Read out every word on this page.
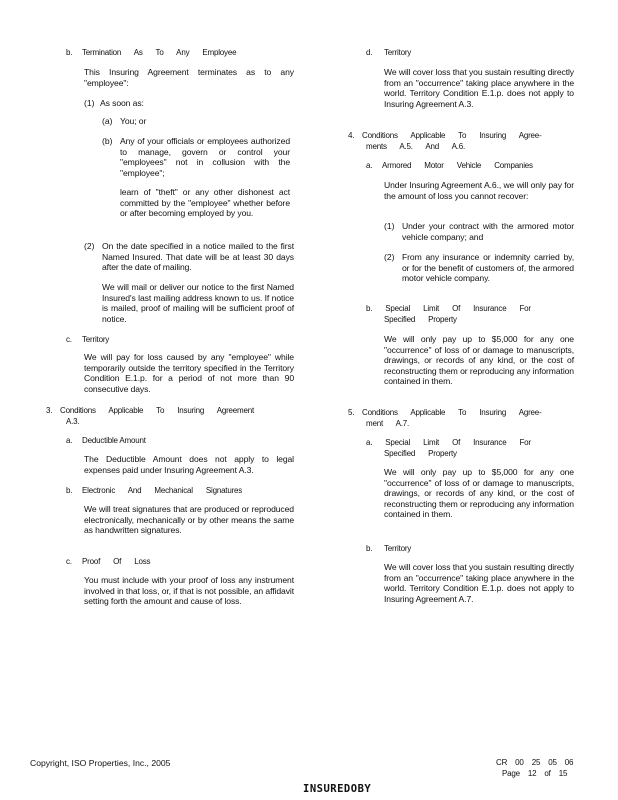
b. Termination As To Any Employee
This Insuring Agreement terminates as to any "employee":
(1) As soon as:
(a) You; or
(b) Any of your officials or employees authorized to manage, govern or control your "employees" not in collusion with the "employee";
learn of "theft" or any other dishonest act committed by the "employee" whether before or after becoming employed by you.
(2) On the date specified in a notice mailed to the first Named Insured. That date will be at least 30 days after the date of mailing.
We will mail or deliver our notice to the first Named Insured's last mailing address known to us. If notice is mailed, proof of mailing will be sufficient proof of notice.
c. Territory
We will pay for loss caused by any "employee" while temporarily outside the territory specified in the Territory Condition E.1.p. for a period of not more than 90 consecutive days.
3. Conditions Applicable To Insuring Agreement
A.3.
a. Deductible Amount
The Deductible Amount does not apply to legal expenses paid under Insuring Agreement A.3.
b. Electronic And Mechanical Signatures
We will treat signatures that are produced or reproduced electronically, mechanically or by other means the same as handwritten signatures.
c. Proof Of Loss
You must include with your proof of loss any instrument involved in that loss, or, if that is not possible, an affidavit setting forth the amount and cause of loss.
d. Territory
We will cover loss that you sustain resulting directly from an "occurrence" taking place anywhere in the world. Territory Condition E.1.p. does not apply to Insuring Agreement A.3.
4. Conditions Applicable To Insuring Agree-
ments A.5. And A.6.
a. Armored Motor Vehicle Companies
Under Insuring Agreement A.6., we will only pay for the amount of loss you cannot recover:
(1) Under your contract with the armored motor vehicle company; and
(2) From any insurance or indemnity carried by, or for the benefit of customers of, the armored motor vehicle company.
b. Special Limit Of Insurance For
Specified Property
We will only pay up to $5,000 for any one "occurrence" of loss of or damage to manuscripts, drawings, or records of any kind, or the cost of reconstructing them or reproducing any information contained in them.
5. Conditions Applicable To Insuring Agree-
ment A.7.
a. Special Limit Of Insurance For
Specified Property
We will only pay up to $5,000 for any one "occurrence" of loss of or damage to manuscripts, drawings, or records of any kind, or the cost of reconstructing them or reproducing any information contained in them.
b. Territory
We will cover loss that you sustain resulting directly from an "occurrence" taking place anywhere in the world. Territory Condition E.1.p. does not apply to Insuring Agreement A.7.
Copyright, ISO Properties, Inc., 2005	CR 00 25 05 06
Page 12 of 15
INSUREDOBY
